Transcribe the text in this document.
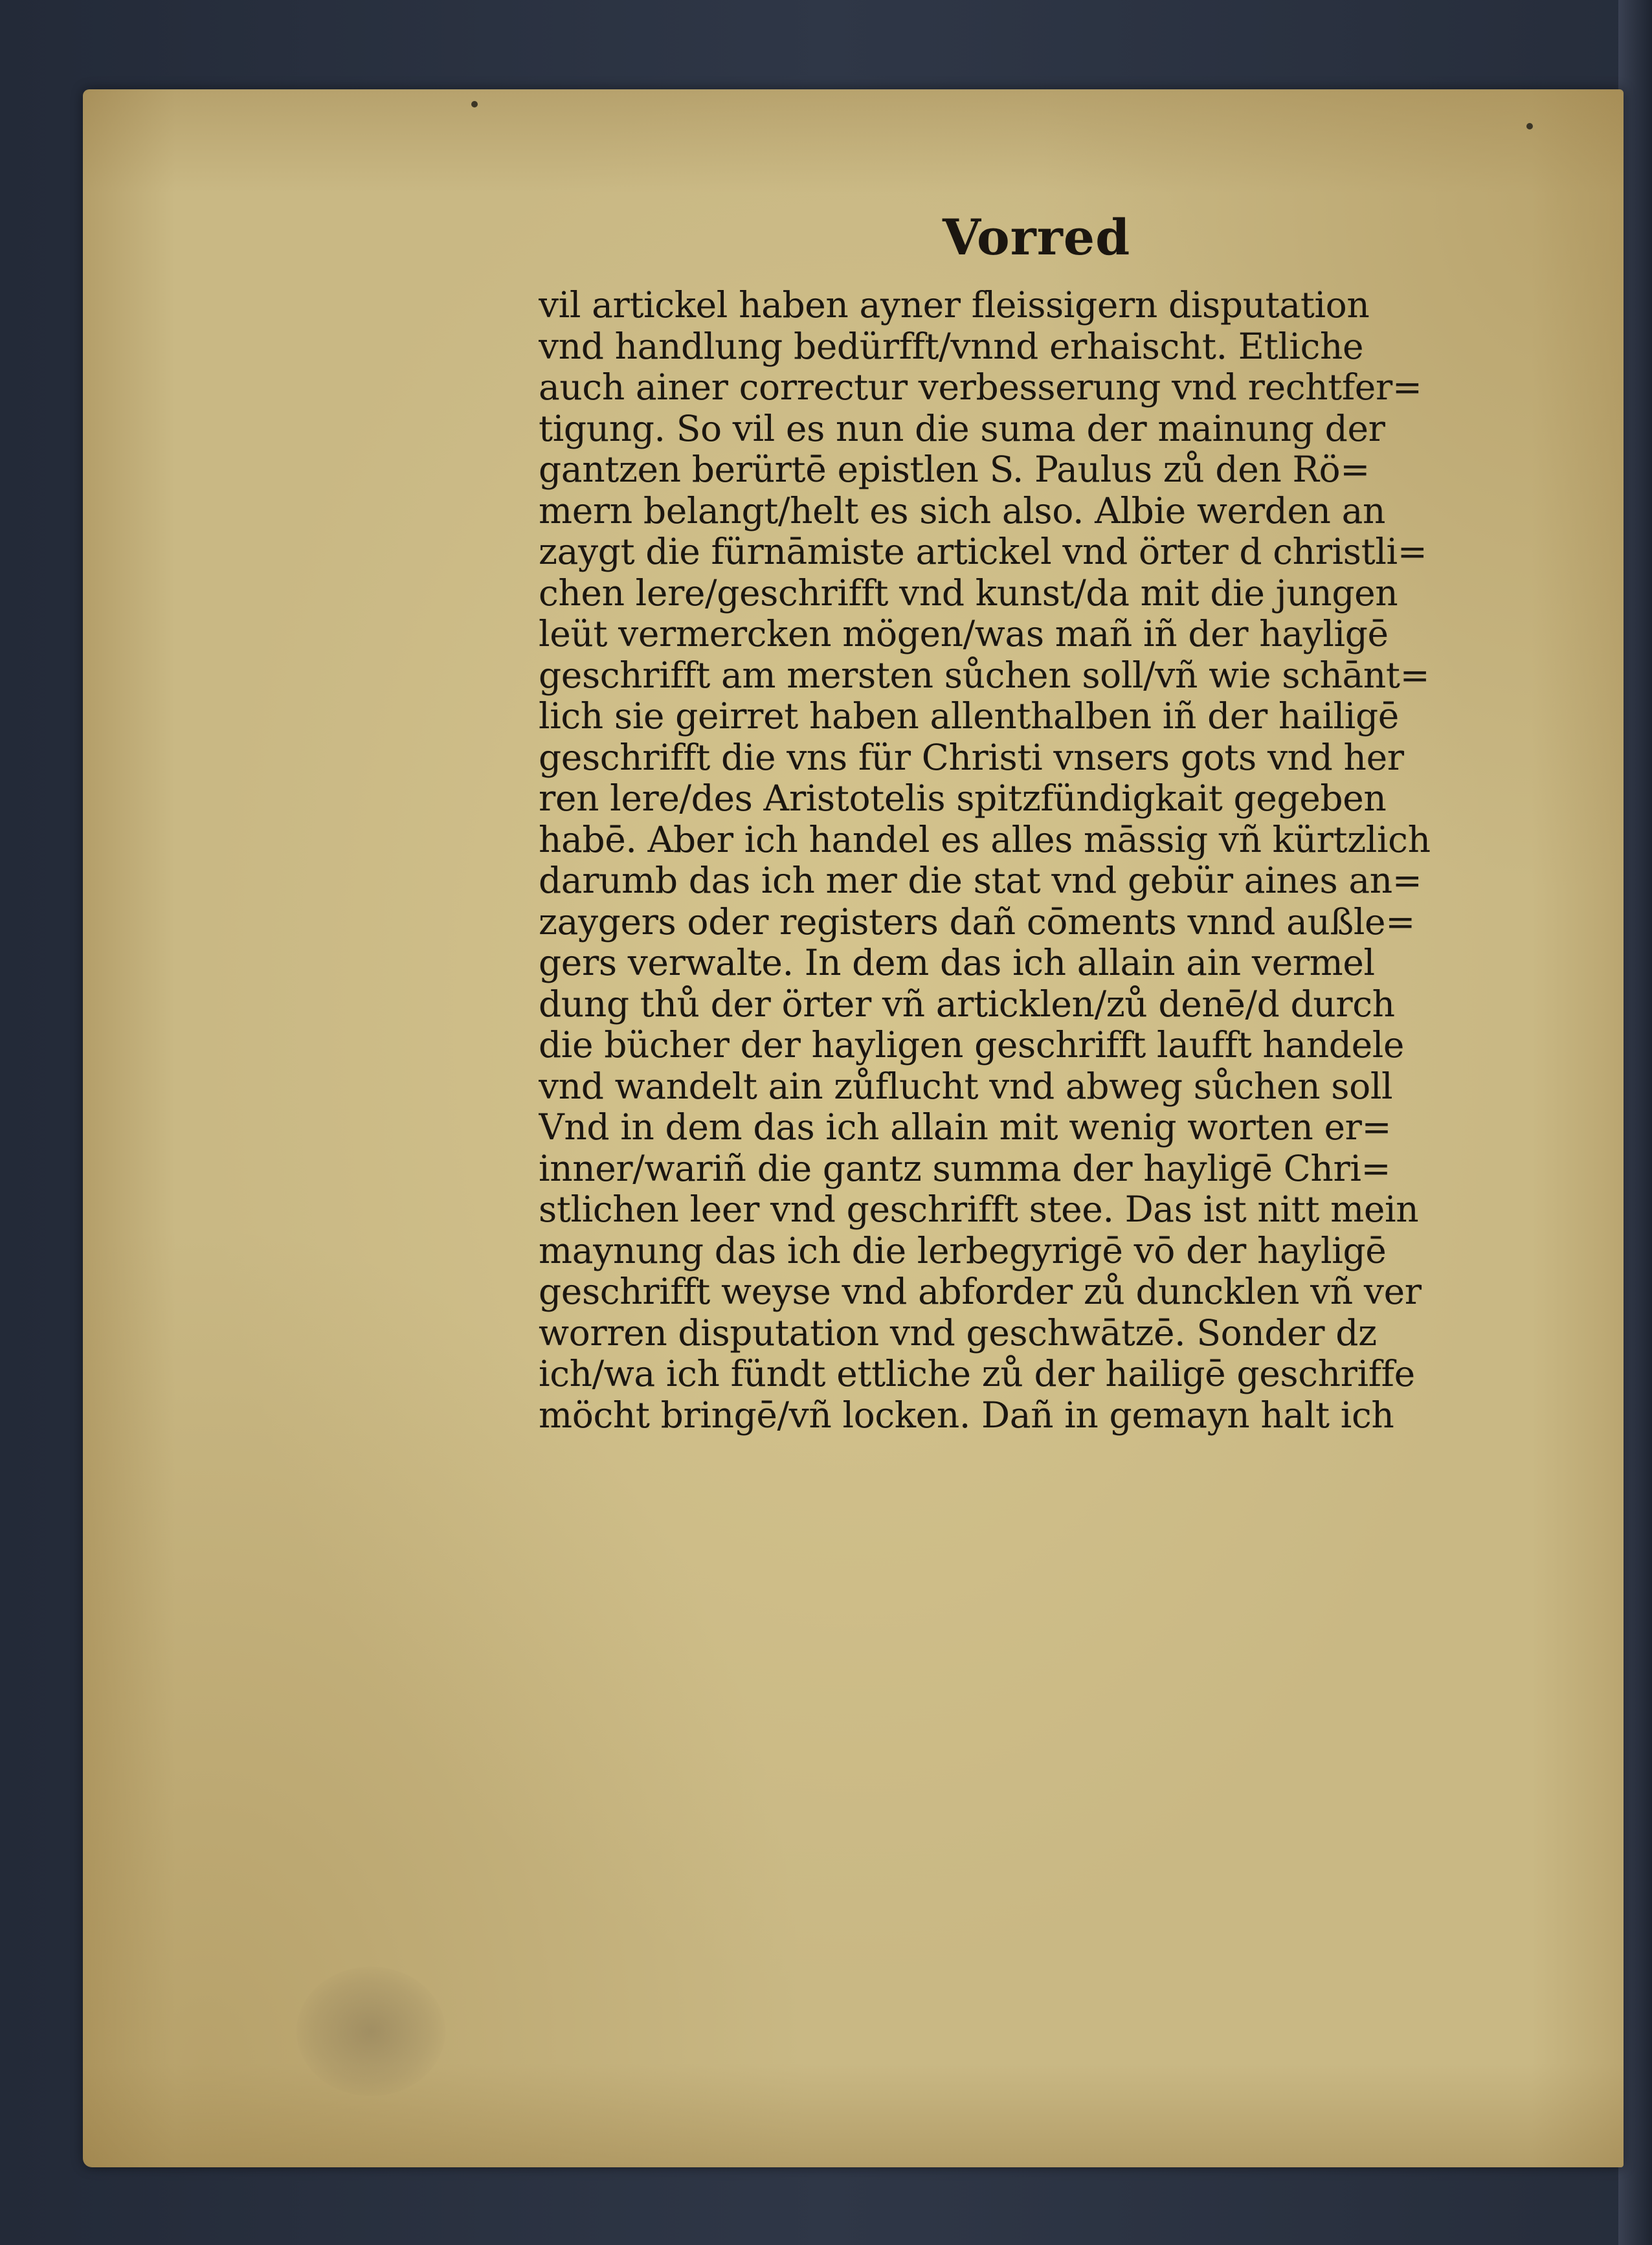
Vorred
vil artickel haben ayner fleissigern disputation
vnd handlung bedürfft/vnnd erhaischt. Etliche
auch ainer correctur verbesserung vnd rechtfer=
tigung. So vil es nun die suma der mainung der
gantzen berürtē epistlen S. Paulus zů den Rö=
mern belangt/helt es sich also. Albie werden an
zaygt die fürnāmiste artickel vnd örter d christli=
chen lere/geschrifft vnd kunst/da mit die jungen
leüt vermercken mögen/was mañ iñ der hayligē
geschrifft am mersten sůchen soll/vñ wie schānt=
lich sie geirret haben allenthalben iñ der hailigē
geschrifft die vns für Christi vnsers gots vnd her
ren lere/des Aristotelis spitzfündigkait gegeben
habē. Aber ich handel es alles māssig vñ kürtzlich
darumb das ich mer die stat vnd gebür aines an=
zaygers oder registers dañ cōments vnnd außle=
gers verwalte. In dem das ich allain ain vermel
dung thů der örter vñ articklen/zů denē/d durch
die bücher der hayligen geschrifft laufft handele
vnd wandelt ain zůflucht vnd abweg sůchen soll
Vnd in dem das ich allain mit wenig worten er=
inner/wariñ die gantz summa der hayligē Chri=
stlichen leer vnd geschrifft stee. Das ist nitt mein
maynung das ich die lerbegyrigē vō der hayligē
geschrifft weyse vnd abforder zů duncklen vñ ver
worren disputation vnd geschwātzē. Sonder dz
ich/wa ich fündt ettliche zů der hailigē geschriffe
möcht bringē/vñ locken. Dañ in gemayn halt ich
